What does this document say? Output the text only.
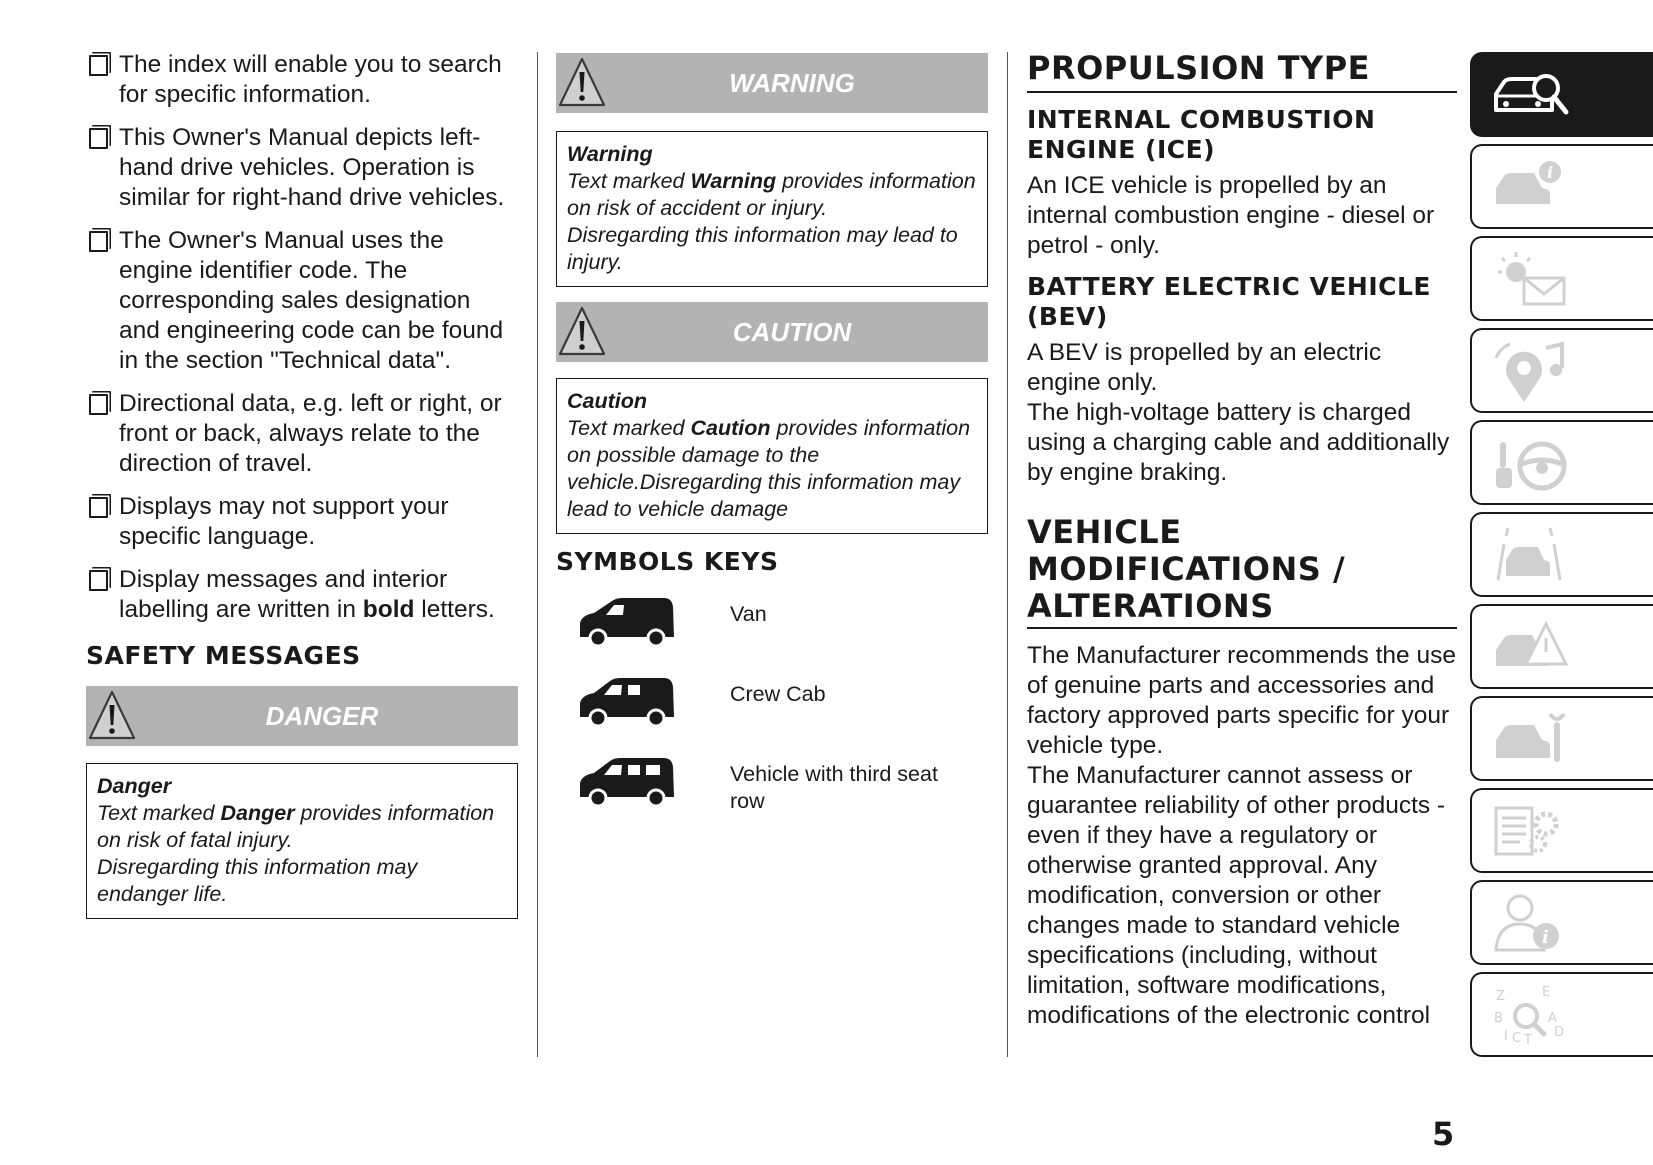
The index will enable you to search for specific information.
This Owner's Manual depicts left-hand drive vehicles. Operation is similar for right-hand drive vehicles.
The Owner's Manual uses the engine identifier code. The corresponding sales designation and engineering code can be found in the section "Technical data".
Directional data, e.g. left or right, or front or back, always relate to the direction of travel.
Displays may not support your specific language.
Display messages and interior labelling are written in bold letters.
SAFETY MESSAGES
DANGER
Danger
Text marked Danger provides information on risk of fatal injury.
Disregarding this information may endanger life.
WARNING
Warning
Text marked Warning provides information on risk of accident or injury.
Disregarding this information may lead to injury.
CAUTION
Caution
Text marked Caution provides information on possible damage to the vehicle.Disregarding this information may lead to vehicle damage
SYMBOLS KEYS
Van
Crew Cab
Vehicle with third seat row
PROPULSION TYPE
INTERNAL COMBUSTION ENGINE (ICE)
An ICE vehicle is propelled by an internal combustion engine - diesel or petrol - only.
BATTERY ELECTRIC VEHICLE (BEV)
A BEV is propelled by an electric engine only.
The high-voltage battery is charged using a charging cable and additionally by engine braking.
VEHICLE MODIFICATIONS / ALTERATIONS
The Manufacturer recommends the use of genuine parts and accessories and factory approved parts specific for your vehicle type.
The Manufacturer cannot assess or guarantee reliability of other products - even if they have a regulatory or otherwise granted approval. Any modification, conversion or other changes made to standard vehicle specifications (including, without limitation, software modifications, modifications of the electronic control
i
i
Z	E
B	A
I C T
D
5
